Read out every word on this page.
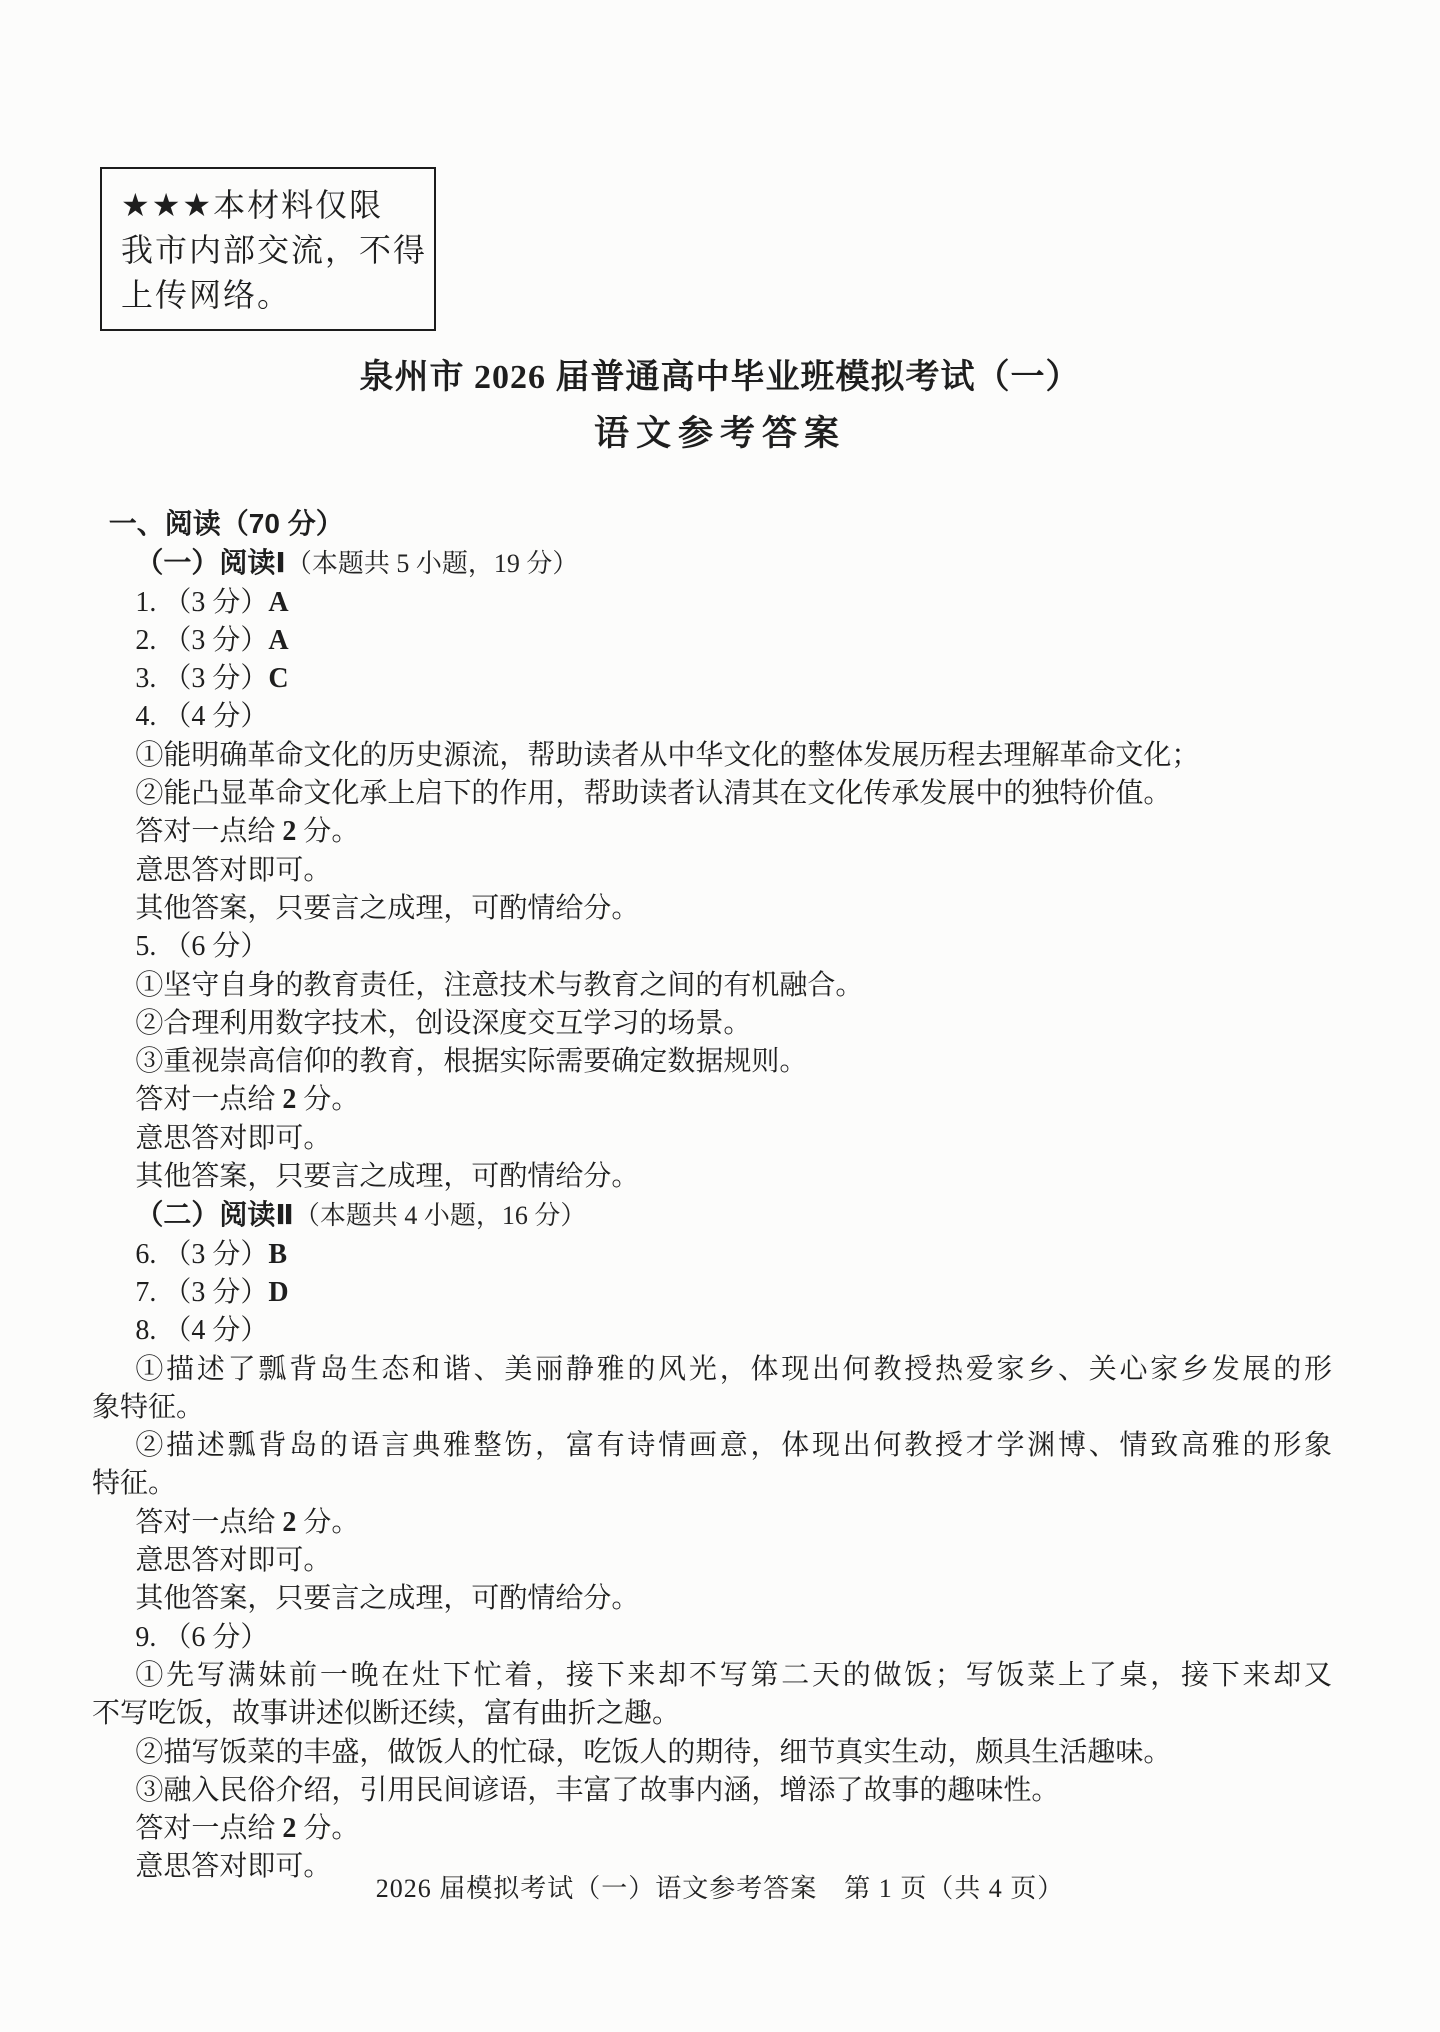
★★★本材料仅限
我市内部交流，不得
上传网络。
泉州市 2026 届普通高中毕业班模拟考试（一）
语文参考答案

一、阅读（70 分）

（一）阅读Ⅰ（本题共 5 小题，19 分）

1. （3 分）A

2. （3 分）A

3. （3 分）C

4. （4 分）

①能明确革命文化的历史源流，帮助读者从中华文化的整体发展历程去理解革命文化；

②能凸显革命文化承上启下的作用，帮助读者认清其在文化传承发展中的独特价值。

答对一点给 2 分。

意思答对即可。

其他答案，只要言之成理，可酌情给分。

5. （6 分）

①坚守自身的教育责任，注意技术与教育之间的有机融合。

②合理利用数字技术，创设深度交互学习的场景。

③重视崇高信仰的教育，根据实际需要确定数据规则。

答对一点给 2 分。

意思答对即可。

其他答案，只要言之成理，可酌情给分。

（二）阅读Ⅱ（本题共 4 小题，16 分）

6. （3 分）B

7. （3 分）D

8. （4 分）

①描述了瓢背岛生态和谐、美丽静雅的风光，体现出何教授热爱家乡、关心家乡发展的形

象特征。

②描述瓢背岛的语言典雅整饬，富有诗情画意，体现出何教授才学渊博、情致高雅的形象

特征。

答对一点给 2 分。

意思答对即可。

其他答案，只要言之成理，可酌情给分。

9. （6 分）

①先写满妹前一晚在灶下忙着，接下来却不写第二天的做饭；写饭菜上了桌，接下来却又

不写吃饭，故事讲述似断还续，富有曲折之趣。

②描写饭菜的丰盛，做饭人的忙碌，吃饭人的期待，细节真实生动，颇具生活趣味。

③融入民俗介绍，引用民间谚语，丰富了故事内涵，增添了故事的趣味性。

答对一点给 2 分。

意思答对即可。

2026 届模拟考试（一）语文参考答案　第 1 页（共 4 页）
